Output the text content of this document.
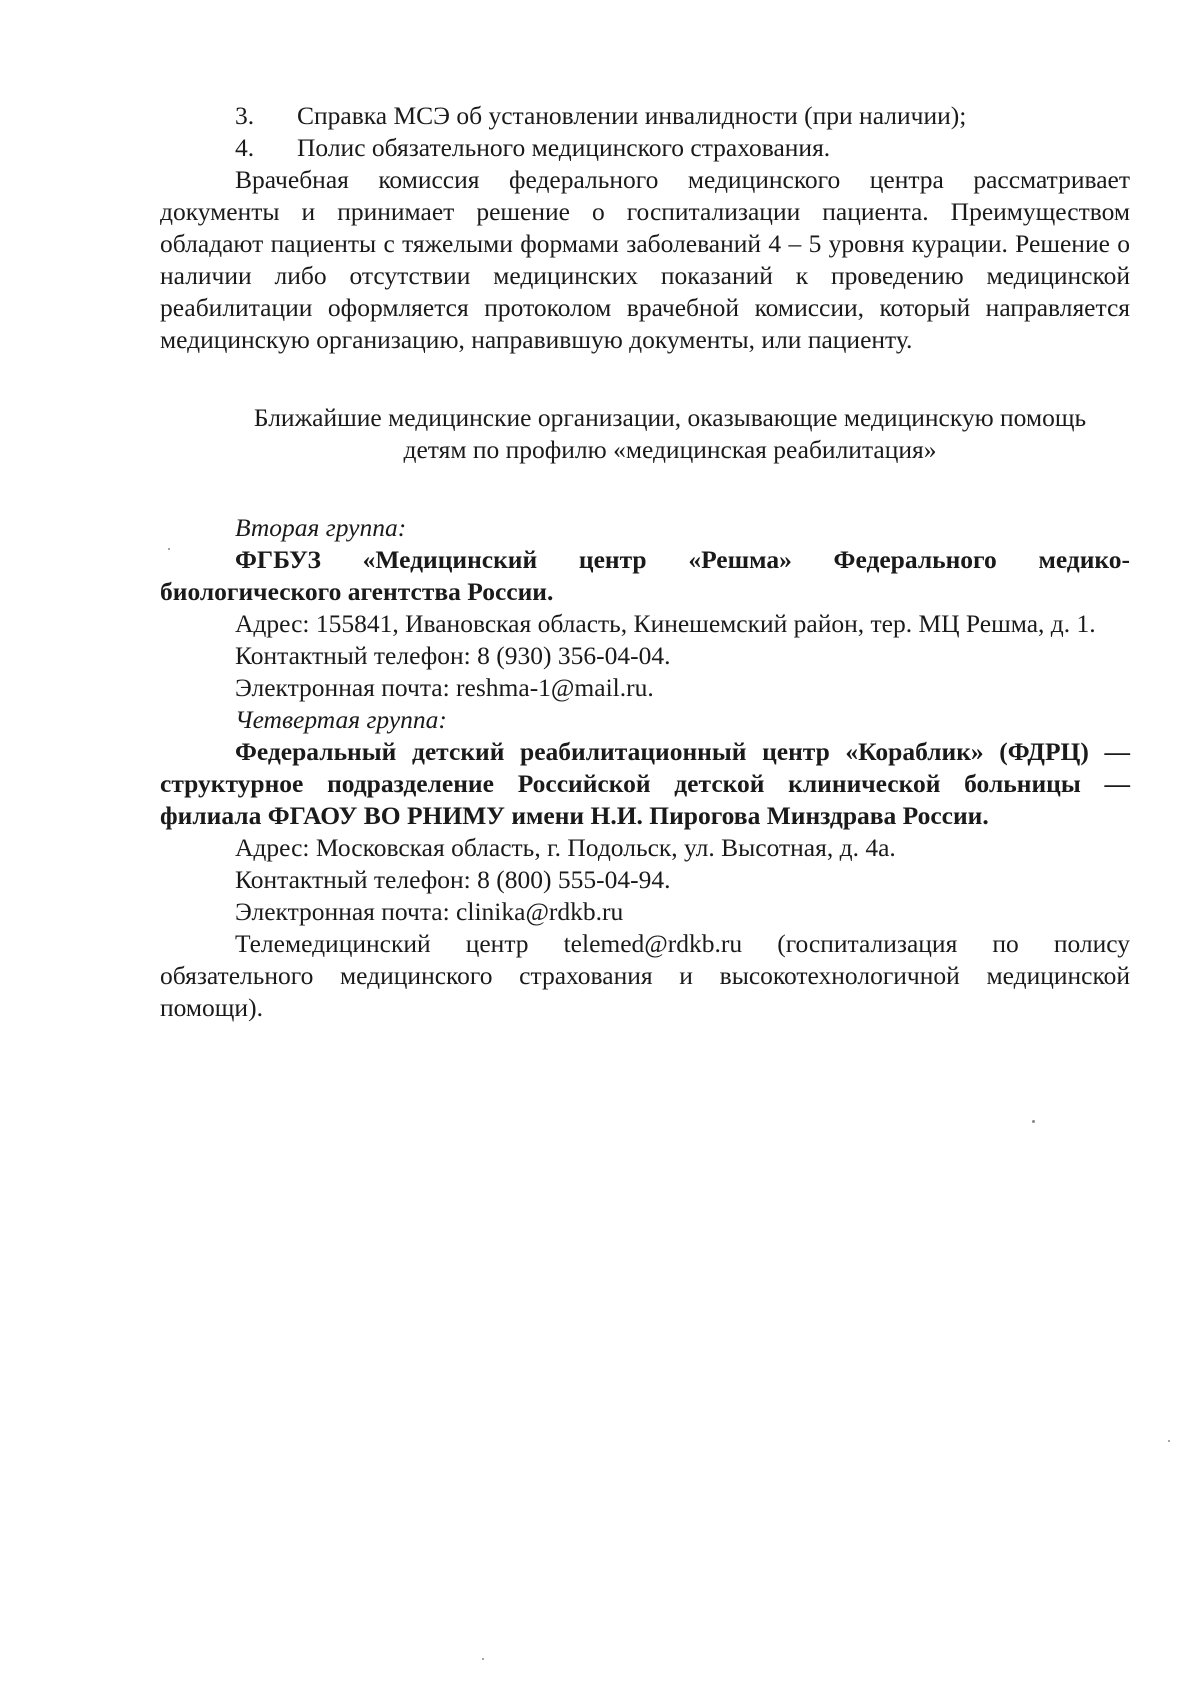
3.	Справка МСЭ об установлении инвалидности (при наличии);
4.	Полис обязательного медицинского страхования.

Врачебная комиссия федерального медицинского центра рассматривает документы и принимает решение о госпитализации пациента. Преимуществом обладают пациенты с тяжелыми формами заболеваний 4 – 5 уровня курации. Решение о наличии либо отсутствии медицинских показаний к проведению медицинской реабилитации оформляется протоколом врачебной комиссии, который направляется медицинскую организацию, направившую документы, или пациенту.

Ближайшие медицинские организации, оказывающие медицинскую помощь детям по профилю «медицинская реабилитация»

Вторая группа:

ФГБУЗ «Медицинский центр «Решма» Федерального медико-биологического агентства России.

Адрес: 155841, Ивановская область, Кинешемский район, тер. МЦ Решма, д. 1.

Контактный телефон: 8 (930) 356-04-04.

Электронная почта: reshma-1@mail.ru.

Четвертая группа:

Федеральный детский реабилитационный центр «Кораблик» (ФДРЦ) — структурное подразделение Российской детской клинической больницы — филиала ФГАОУ ВО РНИМУ имени Н.И. Пирогова Минздрава России.

Адрес: Московская область, г. Подольск, ул. Высотная, д. 4а.

Контактный телефон: 8 (800) 555-04-94.

Электронная почта: clinika@rdkb.ru

Телемедицинский центр telemed@rdkb.ru (госпитализация по полису обязательного медицинского страхования и высокотехнологичной медицинской помощи).
